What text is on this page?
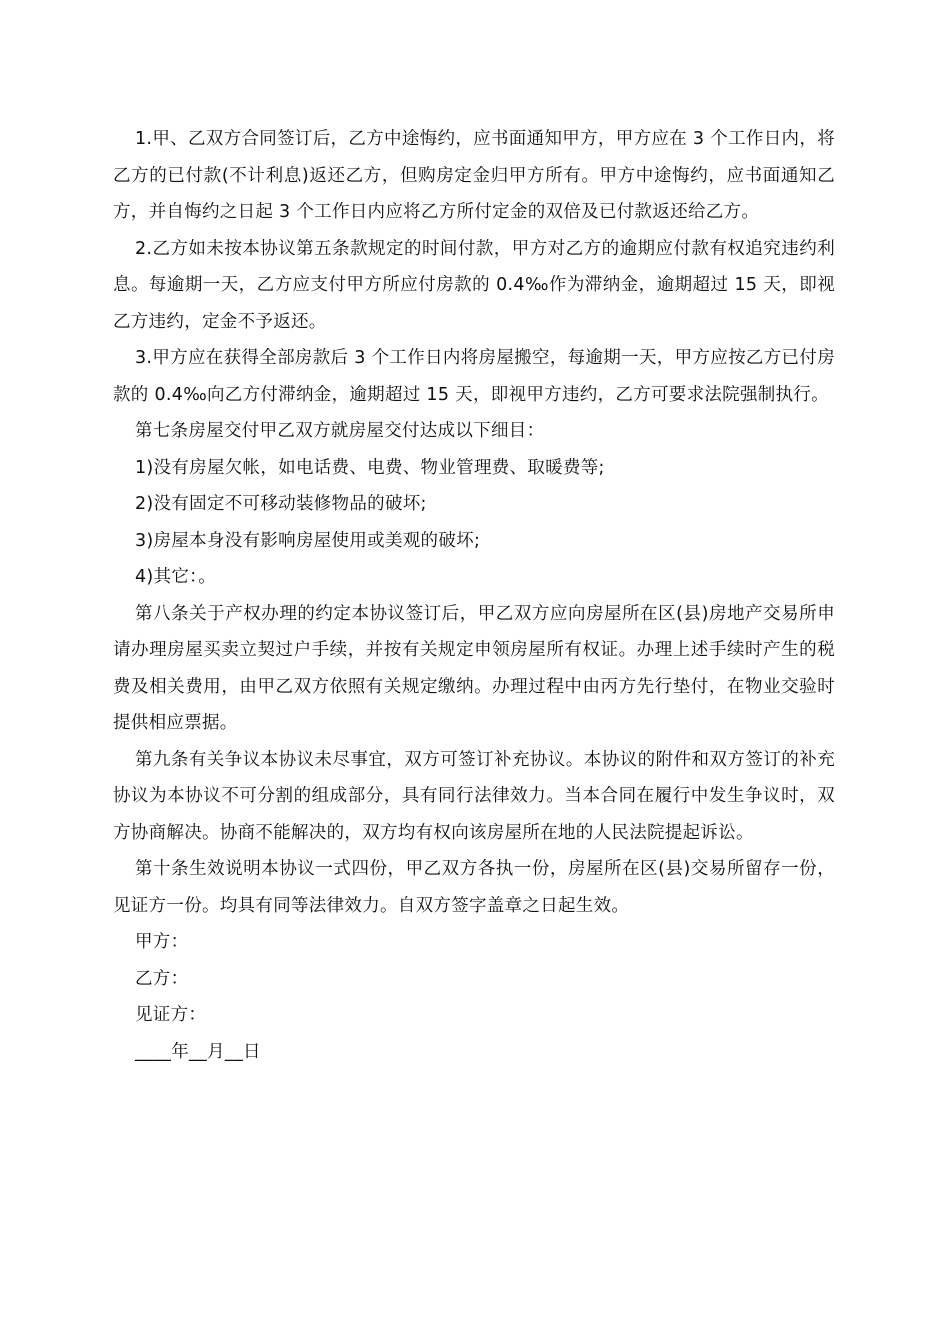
1.甲、乙双方合同签订后，乙方中途悔约，应书面通知甲方，甲方应在 3 个工作日内，将乙方的已付款(不计利息)返还乙方，但购房定金归甲方所有。甲方中途悔约，应书面通知乙方，并自悔约之日起 3 个工作日内应将乙方所付定金的双倍及已付款返还给乙方。

2.乙方如未按本协议第五条款规定的时间付款，甲方对乙方的逾期应付款有权追究违约利息。每逾期一天，乙方应支付甲方所应付房款的 0.4‰作为滞纳金，逾期超过 15 天，即视乙方违约，定金不予返还。

3.甲方应在获得全部房款后 3 个工作日内将房屋搬空，每逾期一天，甲方应按乙方已付房款的 0.4‰向乙方付滞纳金，逾期超过 15 天，即视甲方违约，乙方可要求法院强制执行。

第七条房屋交付甲乙双方就房屋交付达成以下细目：

1)没有房屋欠帐，如电话费、电费、物业管理费、取暖费等;

2)没有固定不可移动装修物品的破坏;

3)房屋本身没有影响房屋使用或美观的破坏;

4)其它：。

第八条关于产权办理的约定本协议签订后，甲乙双方应向房屋所在区(县)房地产交易所申请办理房屋买卖立契过户手续，并按有关规定申领房屋所有权证。办理上述手续时产生的税费及相关费用，由甲乙双方依照有关规定缴纳。办理过程中由丙方先行垫付，在物业交验时提供相应票据。

第九条有关争议本协议未尽事宜，双方可签订补充协议。本协议的附件和双方签订的补充协议为本协议不可分割的组成部分，具有同行法律效力。当本合同在履行中发生争议时，双方协商解决。协商不能解决的，双方均有权向该房屋所在地的人民法院提起诉讼。

第十条生效说明本协议一式四份，甲乙双方各执一份，房屋所在区(县)交易所留存一份，见证方一份。均具有同等法律效力。自双方签字盖章之日起生效。

甲方：

乙方：

见证方：

____年__月__日
